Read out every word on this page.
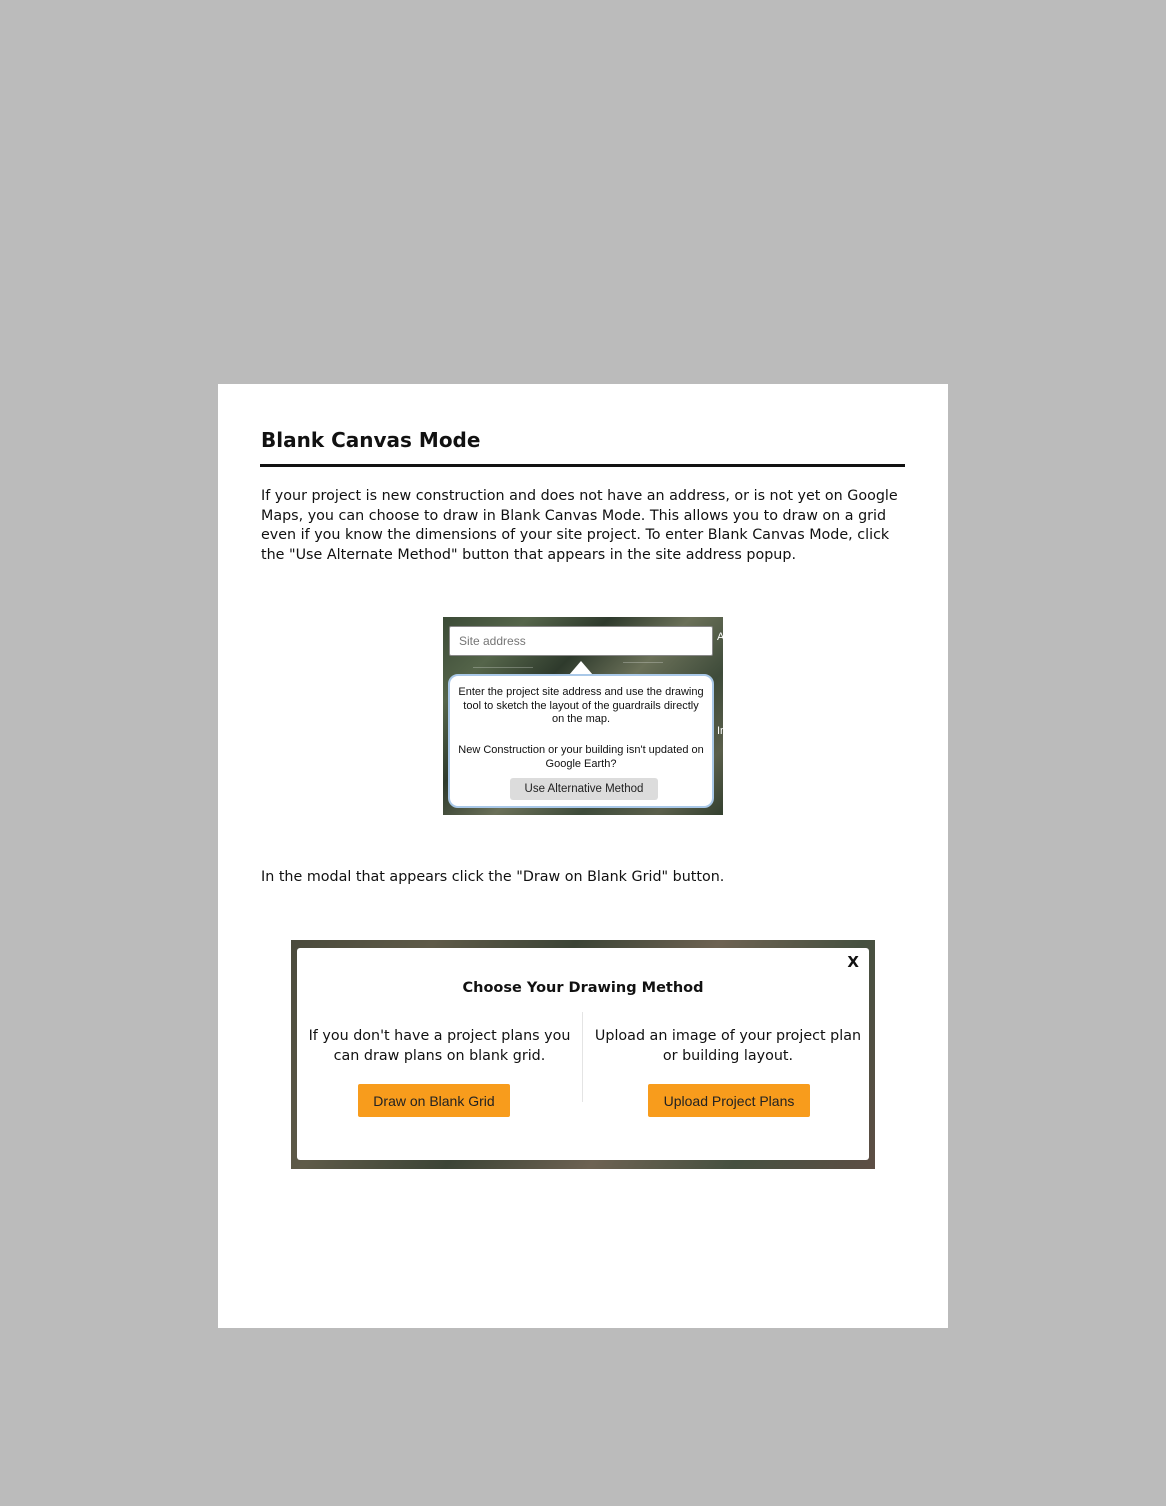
Blank Canvas Mode

If your project is new construction and does not have an address, or is not yet on Google Maps, you can choose to draw in Blank Canvas Mode. This allows you to draw on a grid even if you know the dimensions of your site project. To enter Blank Canvas Mode, click the "Use Alternate Method" button that appears in the site address popup.

A
Ir
Site address

Enter the project site address and use the drawing tool to sketch the layout of the guardrails directly on the map.

New Construction or your building isn't updated on Google Earth?

Use Alternative Method

In the modal that appears click the "Draw on Blank Grid" button.

X
Choose Your Drawing Method

If you don't have a project plans you can draw plans on blank grid.

Draw on Blank Grid

Upload an image of your project plan or building layout.

Upload Project Plans
